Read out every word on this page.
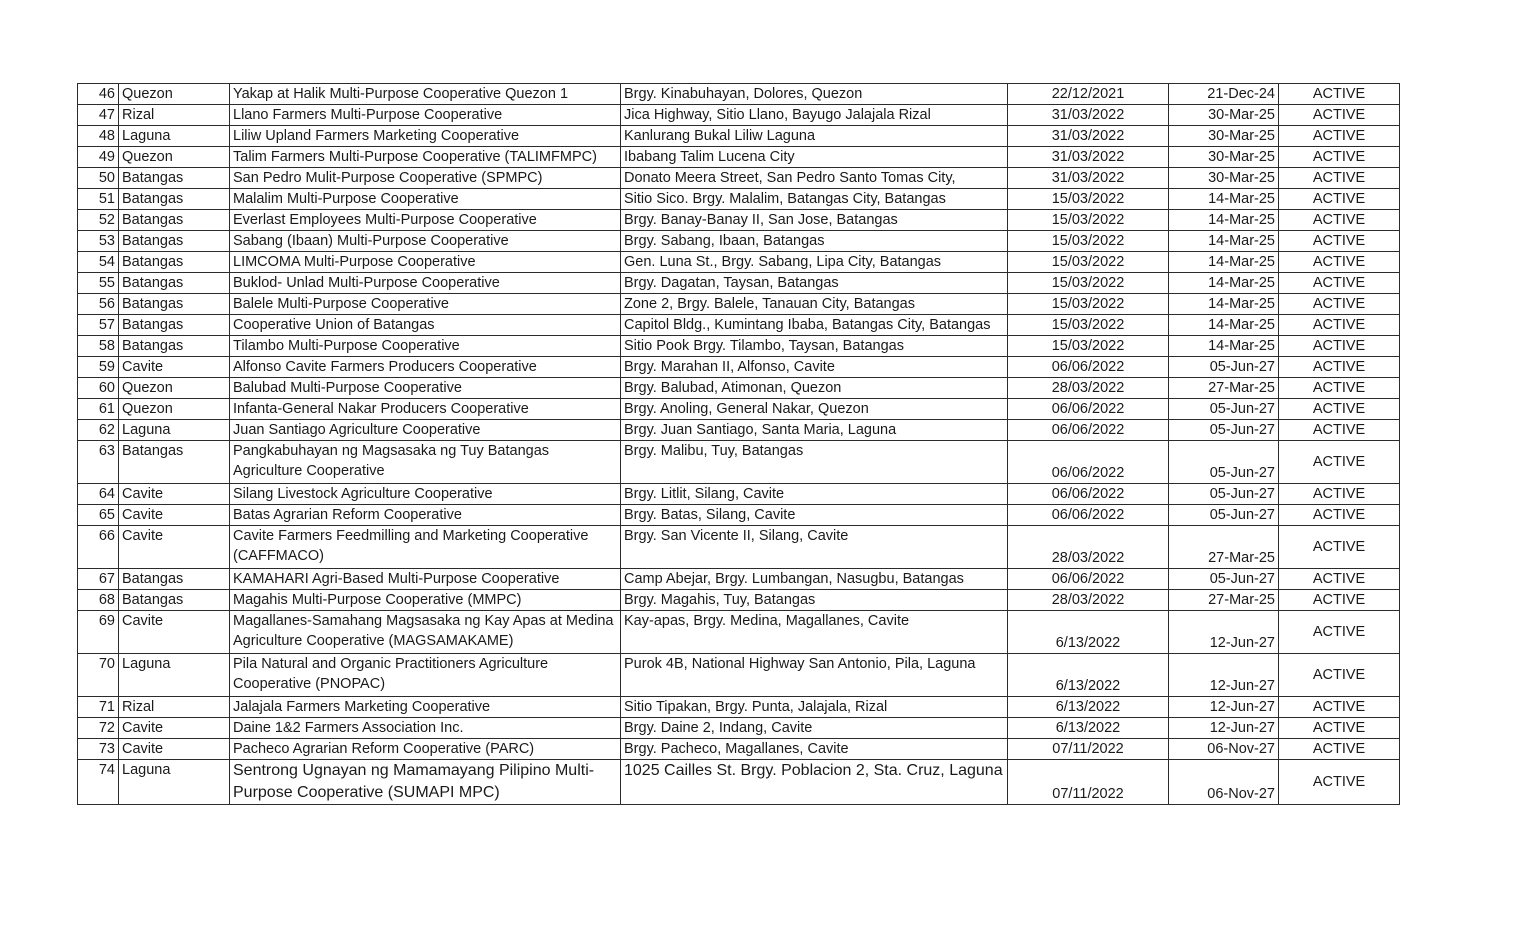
46	Quezon	Yakap at Halik Multi-Purpose Cooperative Quezon 1	Brgy. Kinabuhayan, Dolores, Quezon	22/12/2021	21-Dec-24	ACTIVE
47	Rizal	Llano Farmers Multi-Purpose Cooperative	Jica Highway, Sitio Llano, Bayugo Jalajala Rizal	31/03/2022	30-Mar-25	ACTIVE
48	Laguna	Liliw Upland Farmers Marketing Cooperative	Kanlurang Bukal Liliw Laguna	31/03/2022	30-Mar-25	ACTIVE
49	Quezon	Talim Farmers Multi-Purpose Cooperative (TALIMFMPC)	Ibabang Talim Lucena City	31/03/2022	30-Mar-25	ACTIVE
50	Batangas	San Pedro Mulit-Purpose Cooperative (SPMPC)	Donato Meera Street, San Pedro Santo Tomas City,	31/03/2022	30-Mar-25	ACTIVE
51	Batangas	Malalim Multi-Purpose Cooperative	Sitio Sico. Brgy. Malalim, Batangas City, Batangas	15/03/2022	14-Mar-25	ACTIVE
52	Batangas	Everlast Employees Multi-Purpose Cooperative	Brgy. Banay-Banay II, San Jose, Batangas	15/03/2022	14-Mar-25	ACTIVE
53	Batangas	Sabang (Ibaan) Multi-Purpose Cooperative	Brgy. Sabang, Ibaan, Batangas	15/03/2022	14-Mar-25	ACTIVE
54	Batangas	LIMCOMA Multi-Purpose Cooperative	Gen. Luna St., Brgy. Sabang, Lipa City, Batangas	15/03/2022	14-Mar-25	ACTIVE
55	Batangas	Buklod- Unlad Multi-Purpose Cooperative	Brgy. Dagatan, Taysan, Batangas	15/03/2022	14-Mar-25	ACTIVE
56	Batangas	Balele Multi-Purpose Cooperative	Zone 2, Brgy. Balele, Tanauan City, Batangas	15/03/2022	14-Mar-25	ACTIVE
57	Batangas	Cooperative Union of Batangas	Capitol Bldg., Kumintang Ibaba, Batangas City, Batangas	15/03/2022	14-Mar-25	ACTIVE
58	Batangas	Tilambo Multi-Purpose Cooperative	Sitio Pook Brgy. Tilambo, Taysan, Batangas	15/03/2022	14-Mar-25	ACTIVE
59	Cavite	Alfonso Cavite Farmers Producers Cooperative	Brgy. Marahan II, Alfonso, Cavite	06/06/2022	05-Jun-27	ACTIVE
60	Quezon	Balubad Multi-Purpose Cooperative	Brgy. Balubad, Atimonan, Quezon	28/03/2022	27-Mar-25	ACTIVE
61	Quezon	Infanta-General Nakar Producers Cooperative	Brgy. Anoling, General Nakar, Quezon	06/06/2022	05-Jun-27	ACTIVE
62	Laguna	Juan Santiago Agriculture Cooperative	Brgy. Juan Santiago, Santa Maria, Laguna	06/06/2022	05-Jun-27	ACTIVE
63	Batangas	Pangkabuhayan ng Magsasaka ng Tuy Batangas Agriculture Cooperative	Brgy. Malibu, Tuy, Batangas	06/06/2022	05-Jun-27	ACTIVE
64	Cavite	Silang Livestock Agriculture Cooperative	Brgy. Litlit, Silang, Cavite	06/06/2022	05-Jun-27	ACTIVE
65	Cavite	Batas Agrarian Reform Cooperative	Brgy. Batas, Silang, Cavite	06/06/2022	05-Jun-27	ACTIVE
66	Cavite	Cavite Farmers Feedmilling and Marketing Cooperative (CAFFMACO)	Brgy. San Vicente II, Silang, Cavite	28/03/2022	27-Mar-25	ACTIVE
67	Batangas	KAMAHARI Agri-Based Multi-Purpose Cooperative	Camp Abejar, Brgy. Lumbangan, Nasugbu, Batangas	06/06/2022	05-Jun-27	ACTIVE
68	Batangas	Magahis Multi-Purpose Cooperative (MMPC)	Brgy. Magahis, Tuy, Batangas	28/03/2022	27-Mar-25	ACTIVE
69	Cavite	Magallanes-Samahang Magsasaka ng Kay Apas at Medina Agriculture Cooperative (MAGSAMAKAME)	Kay-apas, Brgy. Medina, Magallanes, Cavite	6/13/2022	12-Jun-27	ACTIVE
70	Laguna	Pila Natural and Organic Practitioners Agriculture Cooperative (PNOPAC)	Purok 4B, National Highway San Antonio, Pila, Laguna	6/13/2022	12-Jun-27	ACTIVE
71	Rizal	Jalajala Farmers Marketing Cooperative	Sitio Tipakan, Brgy. Punta, Jalajala, Rizal	6/13/2022	12-Jun-27	ACTIVE
72	Cavite	Daine 1&2 Farmers Association Inc.	Brgy. Daine 2, Indang, Cavite	6/13/2022	12-Jun-27	ACTIVE
73	Cavite	Pacheco Agrarian Reform Cooperative (PARC)	Brgy. Pacheco, Magallanes, Cavite	07/11/2022	06-Nov-27	ACTIVE
74	Laguna	Sentrong Ugnayan ng Mamamayang Pilipino Multi-Purpose Cooperative (SUMAPI MPC)	1025 Cailles St. Brgy. Poblacion 2, Sta. Cruz, Laguna	07/11/2022	06-Nov-27	ACTIVE
